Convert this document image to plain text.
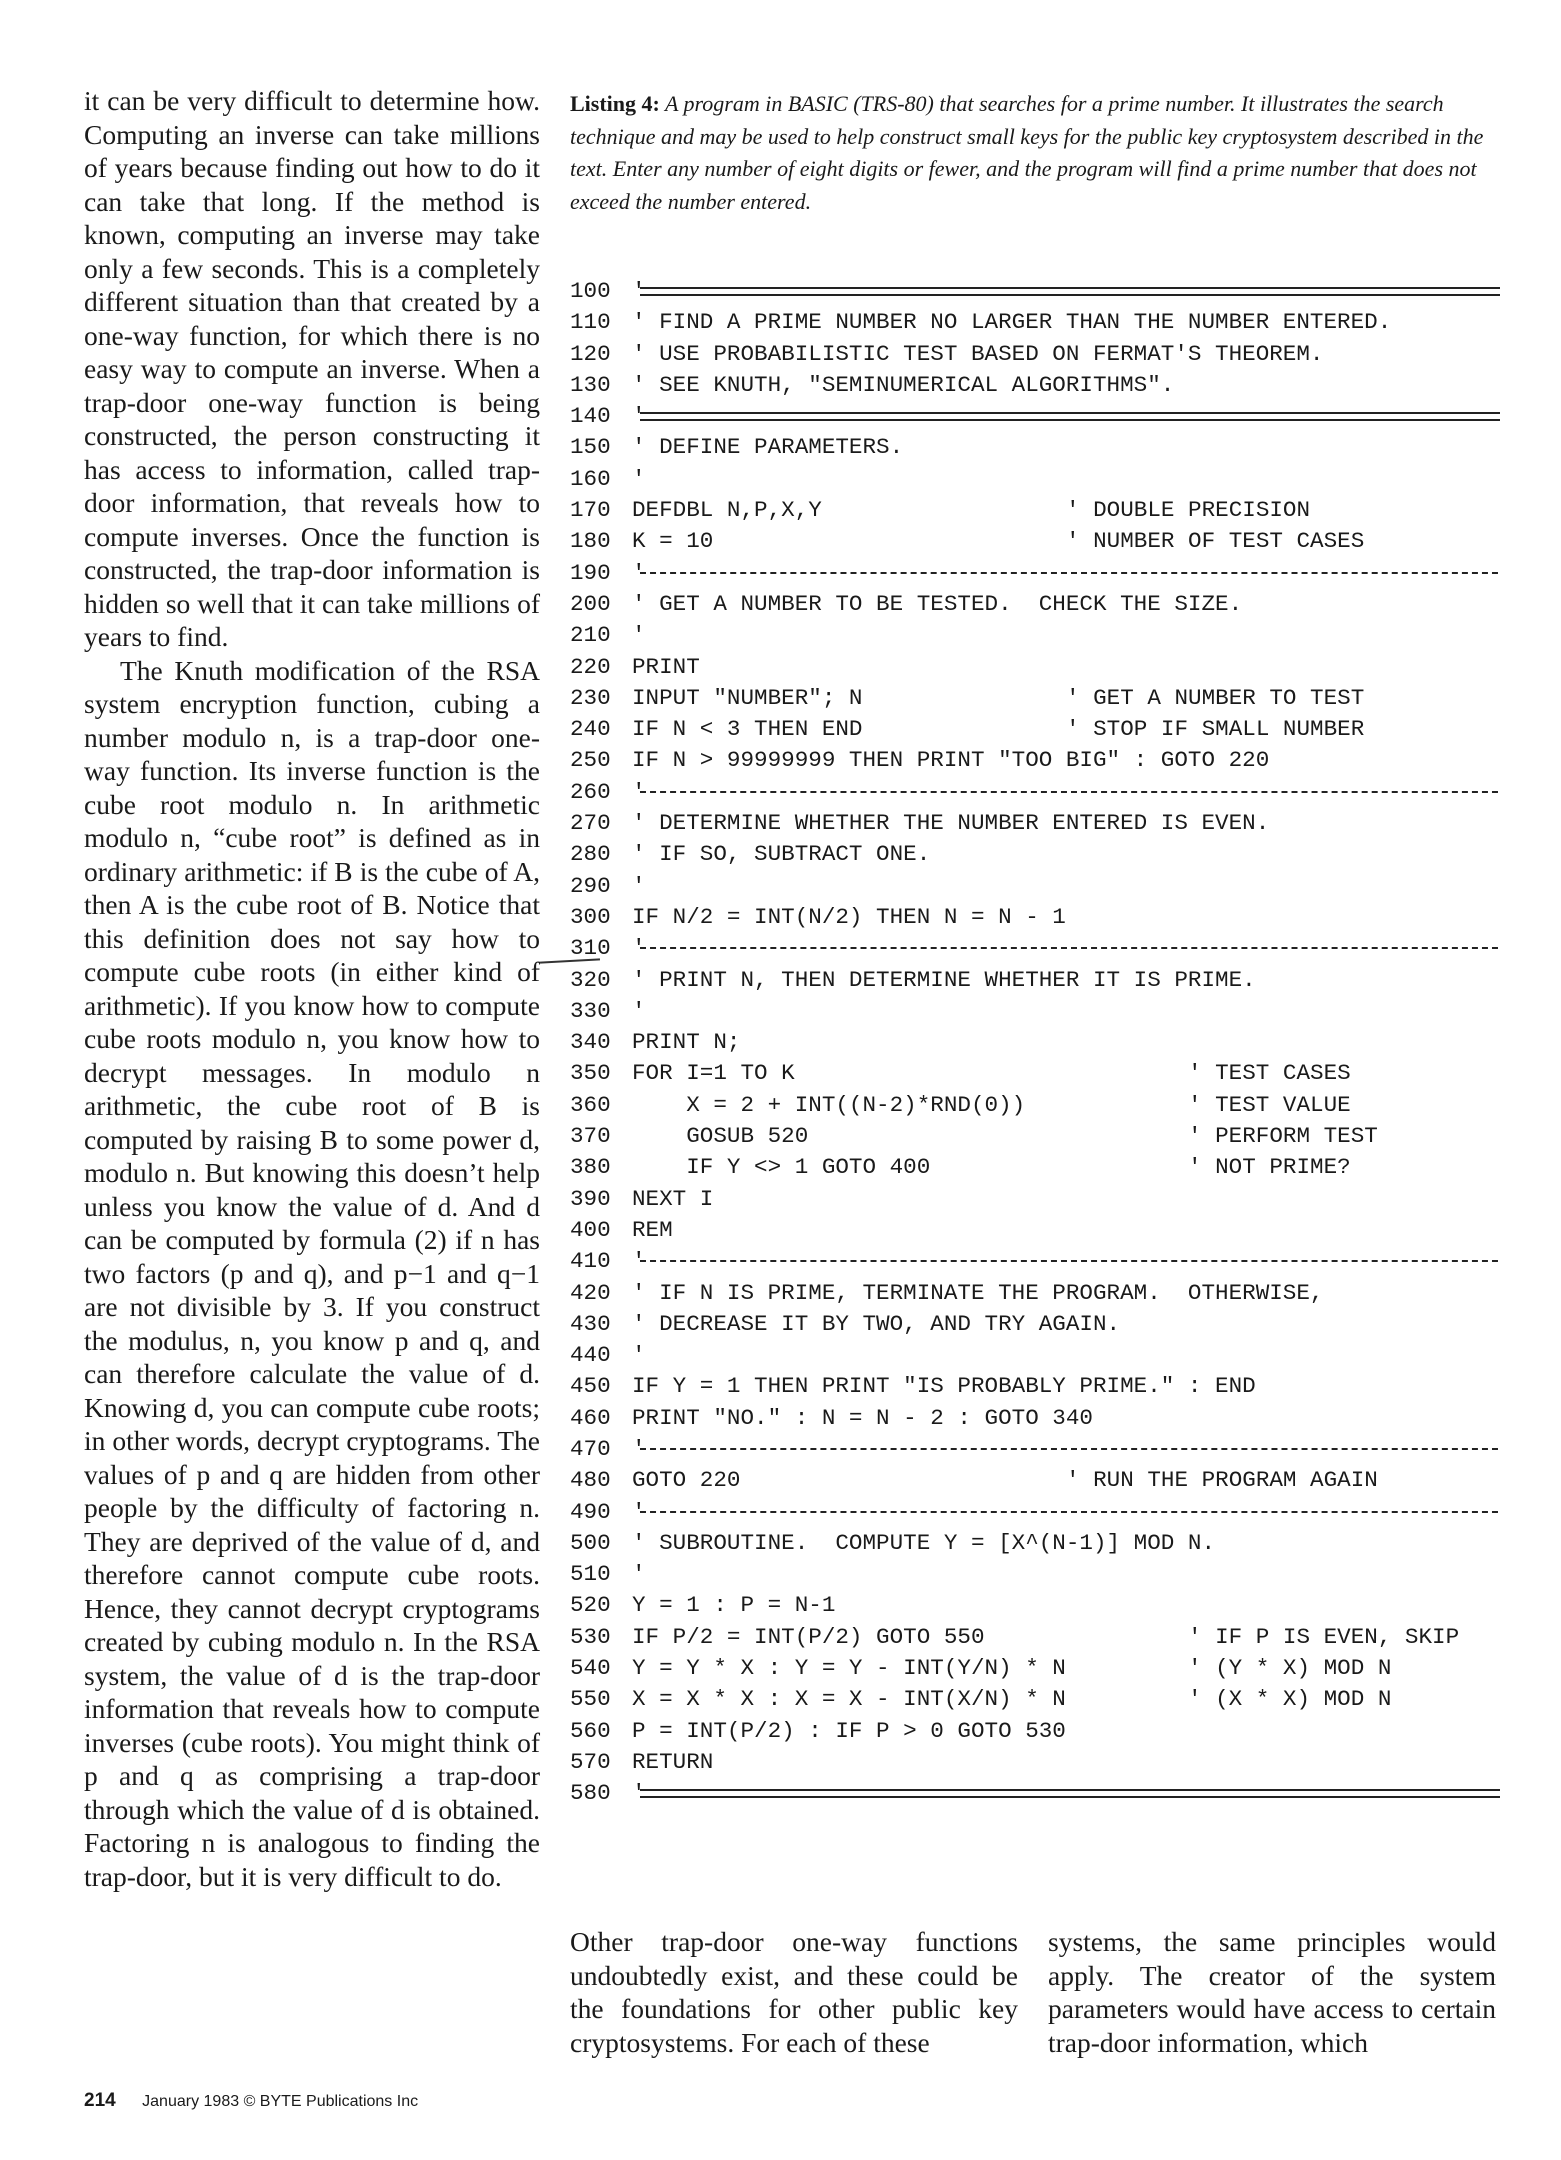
it can be very difficult to determine how. Computing an inverse can take millions of years because finding out how to do it can take that long. If the method is known, computing an inverse may take only a few seconds. This is a completely different situation than that created by a one-way function, for which there is no easy way to compute an inverse. When a trap-door one-way function is being constructed, the person constructing it has access to information, called trap-door information, that reveals how to compute inverses. Once the function is constructed, the trap-door information is hidden so well that it can take millions of years to find.

The Knuth modification of the RSA system encryption function, cubing a number modulo n, is a trap-door one-way function. Its inverse function is the cube root modulo n. In arithmetic modulo n, “cube root” is defined as in ordinary arithmetic: if B is the cube of A, then A is the cube root of B. Notice that this definition does not say how to compute cube roots (in either kind of arithmetic). If you know how to compute cube roots modulo n, you know how to decrypt messages. In modulo n arithmetic, the cube root of B is computed by raising B to some power d, modulo n. But knowing this doesn’t help unless you know the value of d. And d can be computed by formula (2) if n has two factors (p and q), and p−1 and q−1 are not divisible by 3. If you construct the modulus, n, you know p and q, and can therefore calculate the value of d. Knowing d, you can compute cube roots; in other words, decrypt cryptograms. The values of p and q are hidden from other people by the difficulty of factoring n. They are deprived of the value of d, and therefore cannot compute cube roots. Hence, they cannot decrypt cryptograms created by cubing modulo n. In the RSA system, the value of d is the trap-door information that reveals how to compute inverses (cube roots). You might think of p and q as comprising a trap-door through which the value of d is obtained. Factoring n is analogous to finding the trap-door, but it is very difficult to do.

Listing 4: A program in BASIC (TRS-80) that searches for a prime number. It illustrates the search technique and may be used to help construct small keys for the public key cryptosystem described in the text. Enter any number of eight digits or fewer, and the program will find a prime number that does not exceed the number entered.
100 '
110 ' FIND A PRIME NUMBER NO LARGER THAN THE NUMBER ENTERED.
120 ' USE PROBABILISTIC TEST BASED ON FERMAT'S THEOREM.
130 ' SEE KNUTH, "SEMINUMERICAL ALGORITHMS".
140 '
150 ' DEFINE PARAMETERS.
160 '
170 DEFDBL N,P,X,Y	' DOUBLE PRECISION
180 K = 10	' NUMBER OF TEST CASES
190 '
200 ' GET A NUMBER TO BE TESTED.  CHECK THE SIZE.
210 '
220 PRINT
230 INPUT "NUMBER"; N	' GET A NUMBER TO TEST
240 IF N < 3 THEN END	' STOP IF SMALL NUMBER
250 IF N > 99999999 THEN PRINT "TOO BIG" : GOTO 220
260 '
270 ' DETERMINE WHETHER THE NUMBER ENTERED IS EVEN.
280 ' IF SO, SUBTRACT ONE.
290 '
300 IF N/2 = INT(N/2) THEN N = N - 1
310 '
320 ' PRINT N, THEN DETERMINE WHETHER IT IS PRIME.
330 '
340 PRINT N;
350 FOR I=1 TO K	' TEST CASES
360    X = 2 + INT((N-2)*RND(0))	' TEST VALUE
370    GOSUB 520	' PERFORM TEST
380    IF Y <> 1 GOTO 400	' NOT PRIME?
390 NEXT I
400 REM
410 '
420 ' IF N IS PRIME, TERMINATE THE PROGRAM.  OTHERWISE,
430 ' DECREASE IT BY TWO, AND TRY AGAIN.
440 '
450 IF Y = 1 THEN PRINT "IS PROBABLY PRIME." : END
460 PRINT "NO." : N = N - 2 : GOTO 340
470 '
480 GOTO 220	' RUN THE PROGRAM AGAIN
490 '
500 ' SUBROUTINE.  COMPUTE Y = [X^(N-1)] MOD N.
510 '
520 Y = 1 : P = N-1
530 IF P/2 = INT(P/2) GOTO 550	' IF P IS EVEN, SKIP
540 Y = Y * X : Y = Y - INT(Y/N) * N	' (Y * X) MOD N
550 X = X * X : X = X - INT(X/N) * N	' (X * X) MOD N
560 P = INT(P/2) : IF P > 0 GOTO 530
570 RETURN
580 '
Other trap-door one-way functions undoubtedly exist, and these could be the foundations for other public key cryptosystems. For each of these
systems, the same principles would apply. The creator of the system parameters would have access to certain trap-door information, which
214 January 1983 © BYTE Publications Inc
